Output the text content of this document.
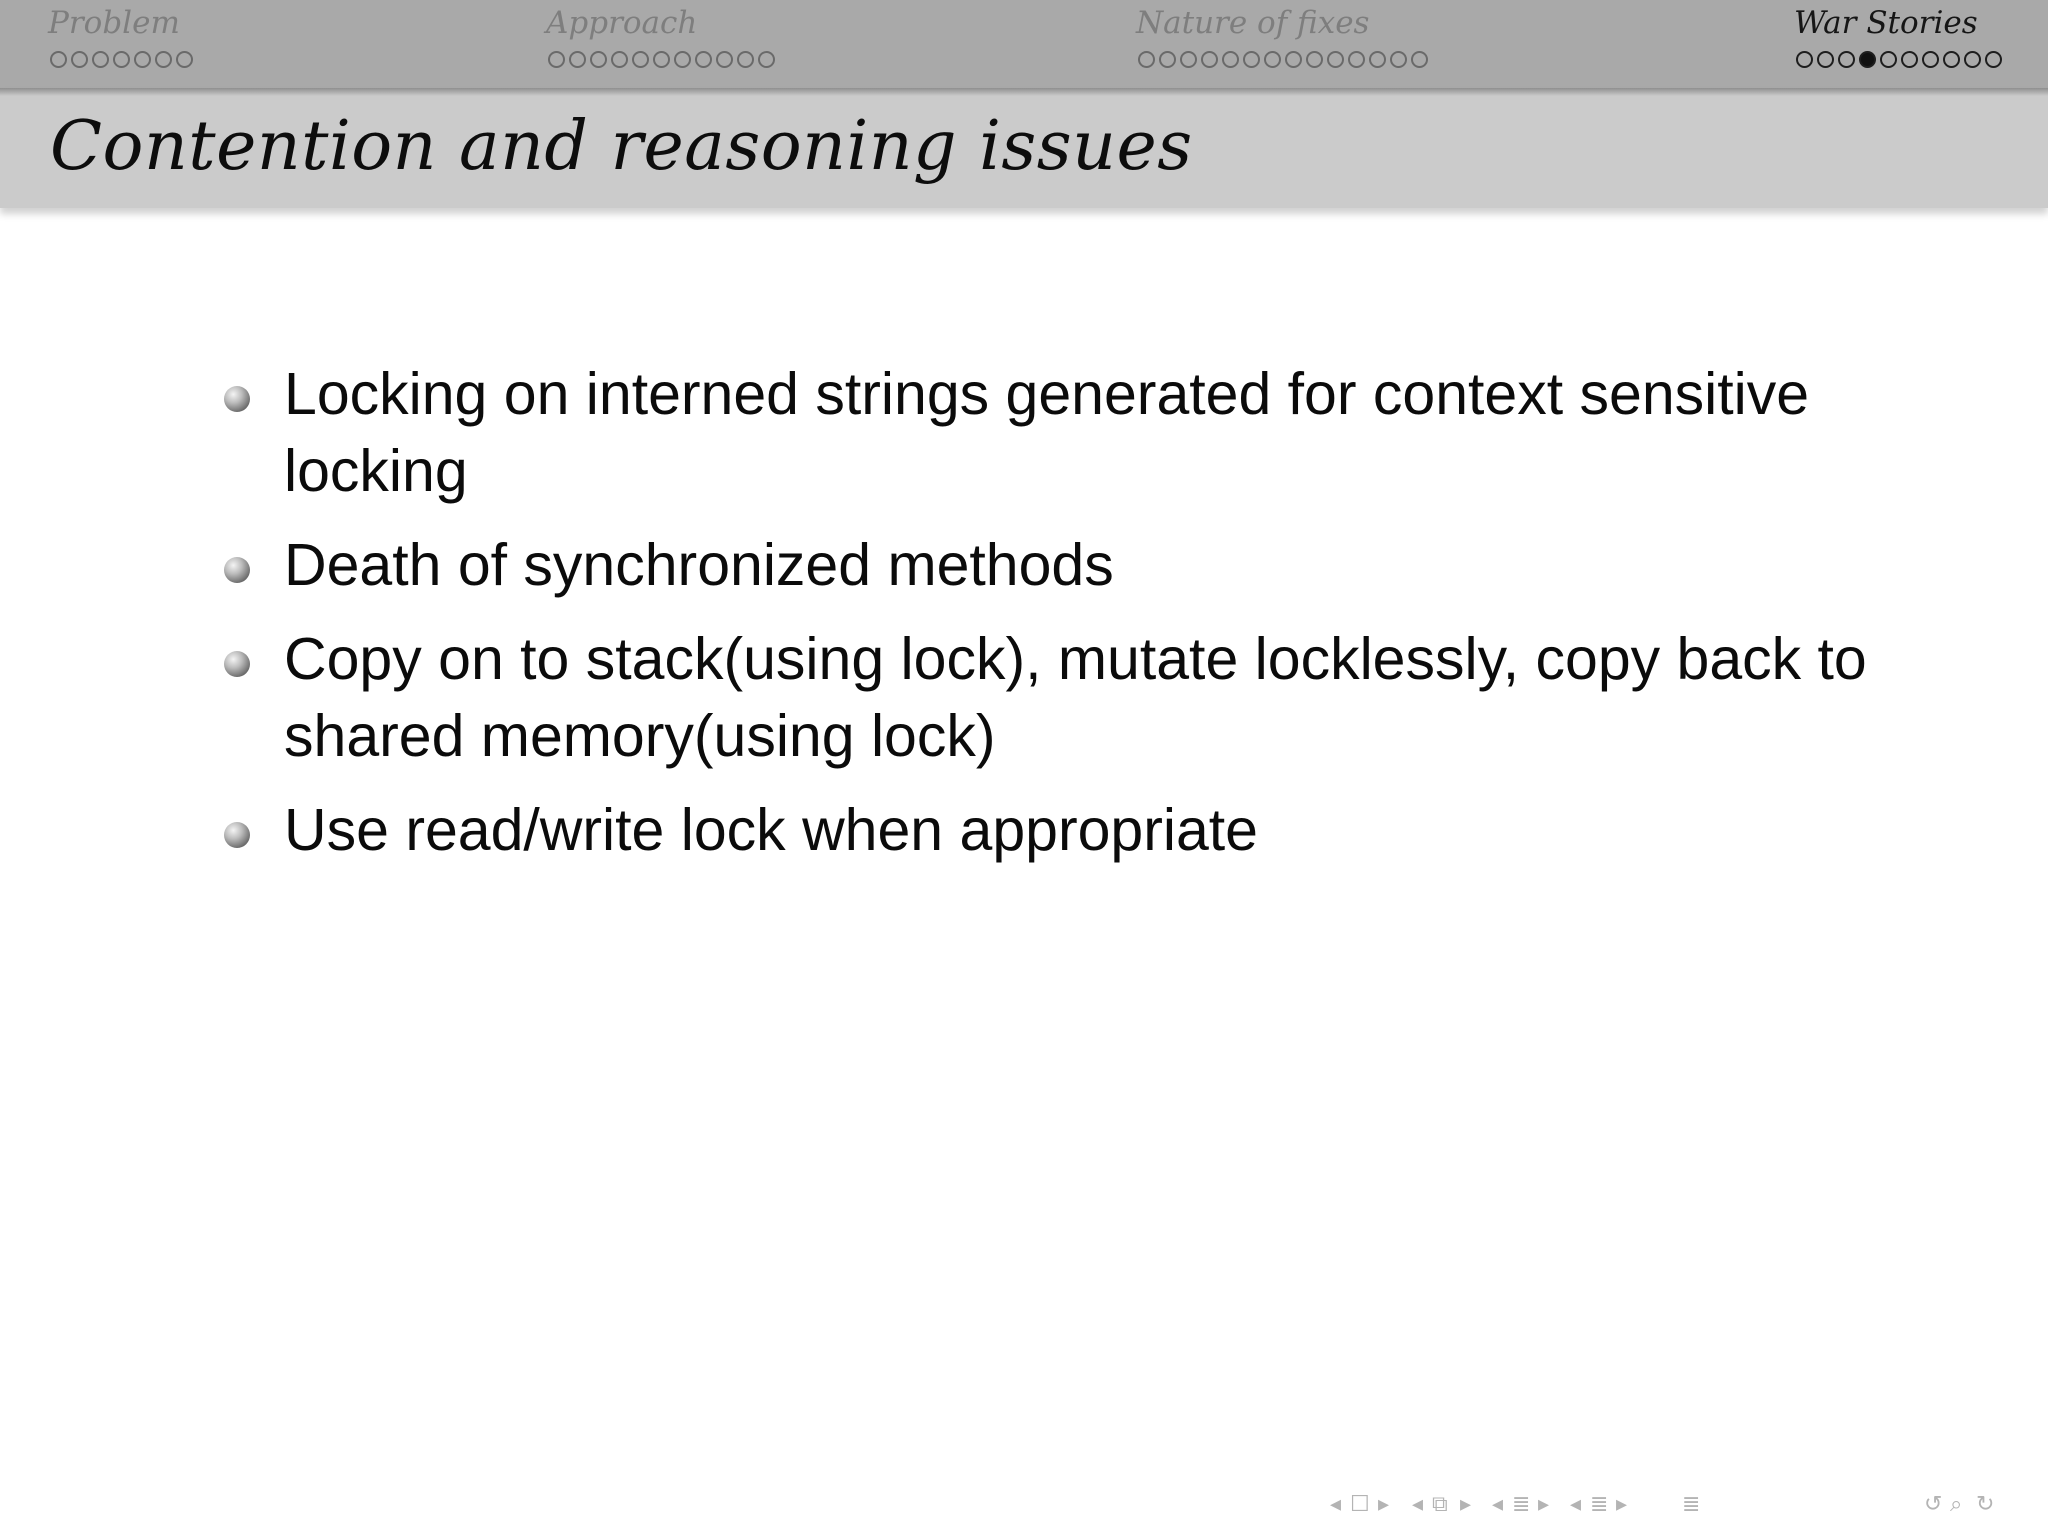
Problem	Approach	Nature of fixes	War Stories
Contention and reasoning issues
Locking on interned strings generated for context sensitive locking
Death of synchronized methods
Copy on to stack(using lock), mutate locklessly, copy back to shared memory(using lock)
Use read/write lock when appropriate
◂ ☐ ▸ ◂ ⧉ ▸ ◂ ≣ ▸ ◂ ≣ ▸ ≣	↺ ⌕ ↻
